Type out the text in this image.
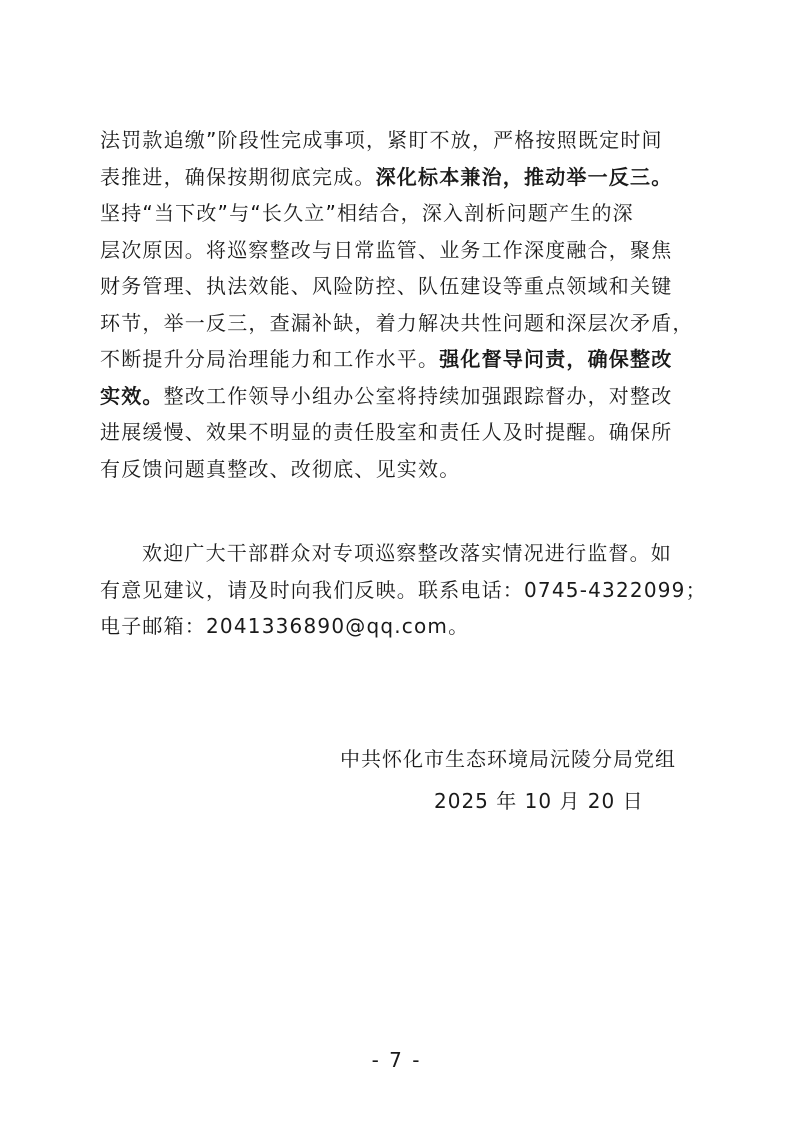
法罚款追缴”阶段性完成事项，紧盯不放，严格按照既定时间
表推进，确保按期彻底完成。深化标本兼治，推动举一反三。
坚持“当下改”与“长久立”相结合，深入剖析问题产生的深
层次原因。将巡察整改与日常监管、业务工作深度融合，聚焦
财务管理、执法效能、风险防控、队伍建设等重点领域和关键
环节，举一反三，查漏补缺，着力解决共性问题和深层次矛盾，
不断提升分局治理能力和工作水平。强化督导问责，确保整改
实效。整改工作领导小组办公室将持续加强跟踪督办，对整改
进展缓慢、效果不明显的责任股室和责任人及时提醒。确保所
有反馈问题真整改、改彻底、见实效。
欢迎广大干部群众对专项巡察整改落实情况进行监督。如
有意见建议，请及时向我们反映。联系电话：0745-4322099；
电子邮箱：2041336890@qq.com。
中共怀化市生态环境局沅陵分局党组
2025 年 10 月 20 日
- 7 -
